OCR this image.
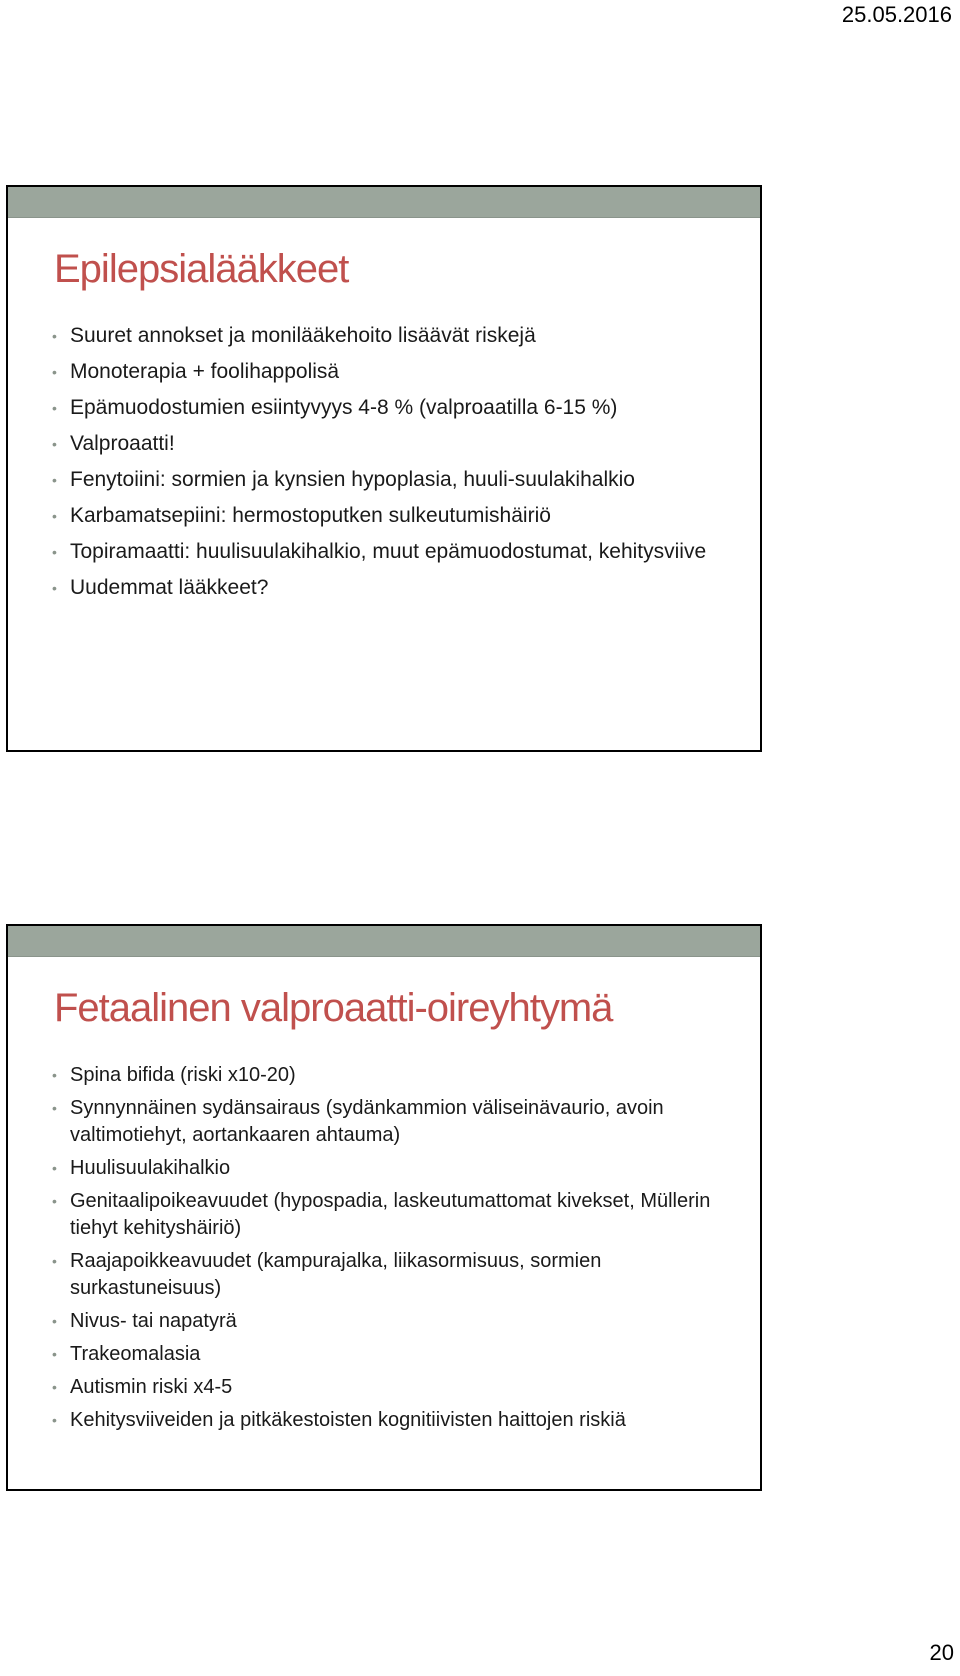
25.05.2016
Epilepsialääkkeet
• Suuret annokset ja monilääkehoito lisäävät riskejä
• Monoterapia + foolihappolisä
• Epämuodostumien esiintyvyys 4-8 % (valproaatilla 6-15 %)
• Valproaatti!
• Fenytoiini: sormien ja kynsien hypoplasia, huuli-suulakihalkio
• Karbamatsepiini: hermostoputken sulkeutumishäiriö
• Topiramaatti: huulisuulakihalkio, muut epämuodostumat, kehitysviive
• Uudemmat lääkkeet?
Fetaalinen valproaatti-oireyhtymä
• Spina bifida (riski x10-20)
• Synnynnäinen sydänsairaus (sydänkammion väliseinävaurio, avoin valtimotiehyt, aortankaaren ahtauma)
• Huulisuulakihalkio
• Genitaalipoikeavuudet (hypospadia, laskeutumattomat kivekset, Müllerin tiehyt kehityshäiriö)
• Raajapoikkeavuudet (kampurajalka, liikasormisuus, sormien surkastuneisuus)
• Nivus- tai napatyrä
• Trakeomalasia
• Autismin riski x4-5
• Kehitysviiveiden ja pitkäkestoisten kognitiivisten haittojen riskiä
20
